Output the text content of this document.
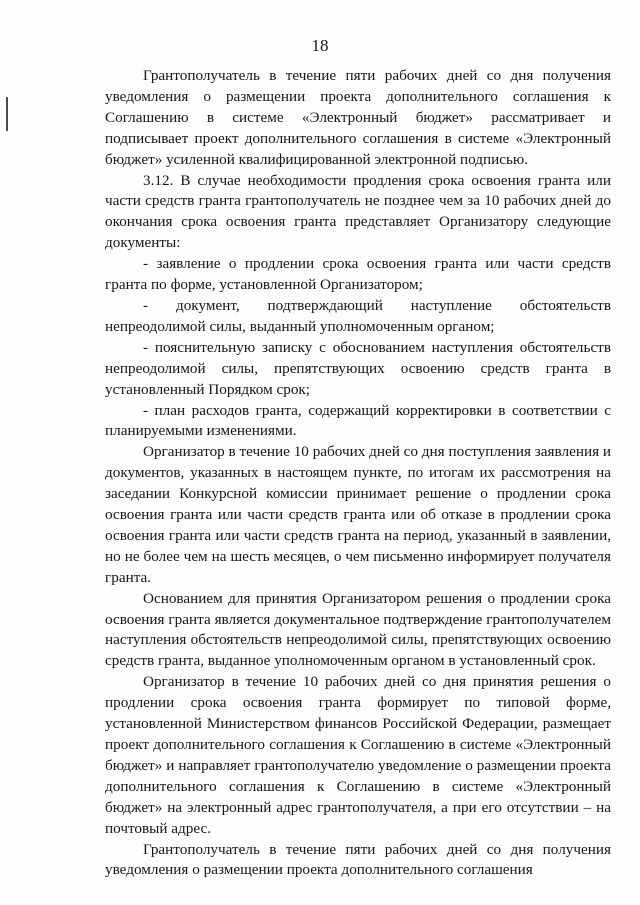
18

Грантополучатель в течение пяти рабочих дней со дня получения уведомления о размещении проекта дополнительного соглашения к Соглашению в системе «Электронный бюджет» рассматривает и подписывает проект дополнительного соглашения в системе «Электронный бюджет» усиленной квалифицированной электронной подписью.

3.12. В случае необходимости продления срока освоения гранта или части средств гранта грантополучатель не позднее чем за 10 рабочих дней до окончания срока освоения гранта представляет Организатору следующие документы:

- заявление о продлении срока освоения гранта или части средств гранта по форме, установленной Организатором;

- документ, подтверждающий наступление обстоятельств непреодолимой силы, выданный уполномоченным органом;

- пояснительную записку с обоснованием наступления обстоятельств непреодолимой силы, препятствующих освоению средств гранта в установленный Порядком срок;

- план расходов гранта, содержащий корректировки в соответствии с планируемыми изменениями.

Организатор в течение 10 рабочих дней со дня поступления заявления и документов, указанных в настоящем пункте, по итогам их рассмотрения на заседании Конкурсной комиссии принимает решение о продлении срока освоения гранта или части средств гранта или об отказе в продлении срока освоения гранта или части средств гранта на период, указанный в заявлении, но не более чем на шесть месяцев, о чем письменно информирует получателя гранта.

Основанием для принятия Организатором решения о продлении срока освоения гранта является документальное подтверждение грантополучателем наступления обстоятельств непреодолимой силы, препятствующих освоению средств гранта, выданное уполномоченным органом в установленный срок.

Организатор в течение 10 рабочих дней со дня принятия решения о продлении срока освоения гранта формирует по типовой форме, установленной Министерством финансов Российской Федерации, размещает проект дополнительного соглашения к Соглашению в системе «Электронный бюджет» и направляет грантополучателю уведомление о размещении проекта дополнительного соглашения к Соглашению в системе «Электронный бюджет» на электронный адрес грантополучателя, а при его отсутствии – на почтовый адрес.

Грантополучатель в течение пяти рабочих дней со дня получения уведомления о размещении проекта дополнительного соглашения
